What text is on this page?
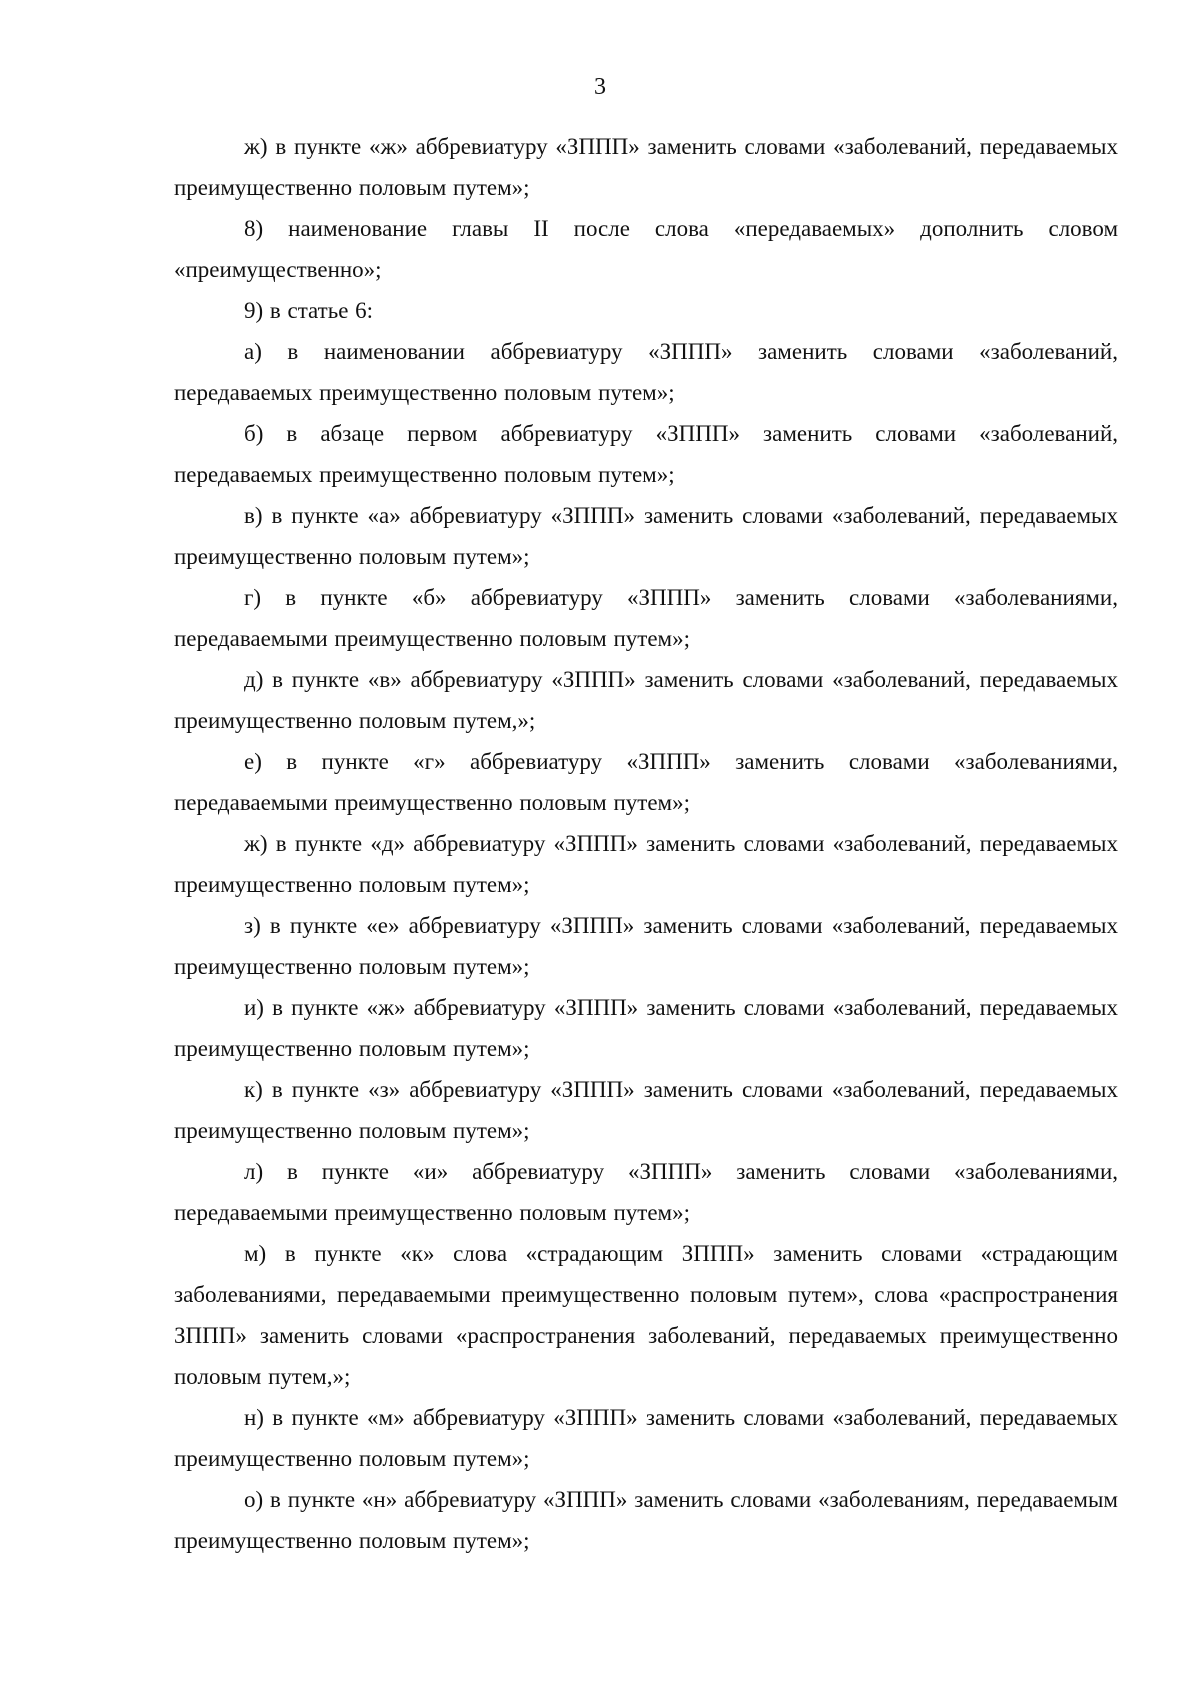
3

ж) в пункте «ж» аббревиатуру «ЗППП» заменить словами «заболеваний, передаваемых преимущественно половым путем»;

8) наименование главы II после слова «передаваемых» дополнить словом «преимущественно»;

9) в статье 6:

а) в наименовании аббревиатуру «ЗППП» заменить словами «заболеваний, передаваемых преимущественно половым путем»;

б) в абзаце первом аббревиатуру «ЗППП» заменить словами «заболеваний, передаваемых преимущественно половым путем»;

в) в пункте «а» аббревиатуру «ЗППП» заменить словами «заболеваний, передаваемых преимущественно половым путем»;

г) в пункте «б» аббревиатуру «ЗППП» заменить словами «заболеваниями, передаваемыми преимущественно половым путем»;

д) в пункте «в» аббревиатуру «ЗППП» заменить словами «заболеваний, передаваемых преимущественно половым путем,»;

е) в пункте «г» аббревиатуру «ЗППП» заменить словами «заболеваниями, передаваемыми преимущественно половым путем»;

ж) в пункте «д» аббревиатуру «ЗППП» заменить словами «заболеваний, передаваемых преимущественно половым путем»;

з) в пункте «е» аббревиатуру «ЗППП» заменить словами «заболеваний, передаваемых преимущественно половым путем»;

и) в пункте «ж» аббревиатуру «ЗППП» заменить словами «заболеваний, передаваемых преимущественно половым путем»;

к) в пункте «з» аббревиатуру «ЗППП» заменить словами «заболеваний, передаваемых преимущественно половым путем»;

л) в пункте «и» аббревиатуру «ЗППП» заменить словами «заболеваниями, передаваемыми преимущественно половым путем»;

м) в пункте «к» слова «страдающим ЗППП» заменить словами «страдающим заболеваниями, передаваемыми преимущественно половым путем», слова «распространения ЗППП» заменить словами «распространения заболеваний, передаваемых преимущественно половым путем,»;

н) в пункте «м» аббревиатуру «ЗППП» заменить словами «заболеваний, передаваемых преимущественно половым путем»;

о) в пункте «н» аббревиатуру «ЗППП» заменить словами «заболеваниям, передаваемым преимущественно половым путем»;
